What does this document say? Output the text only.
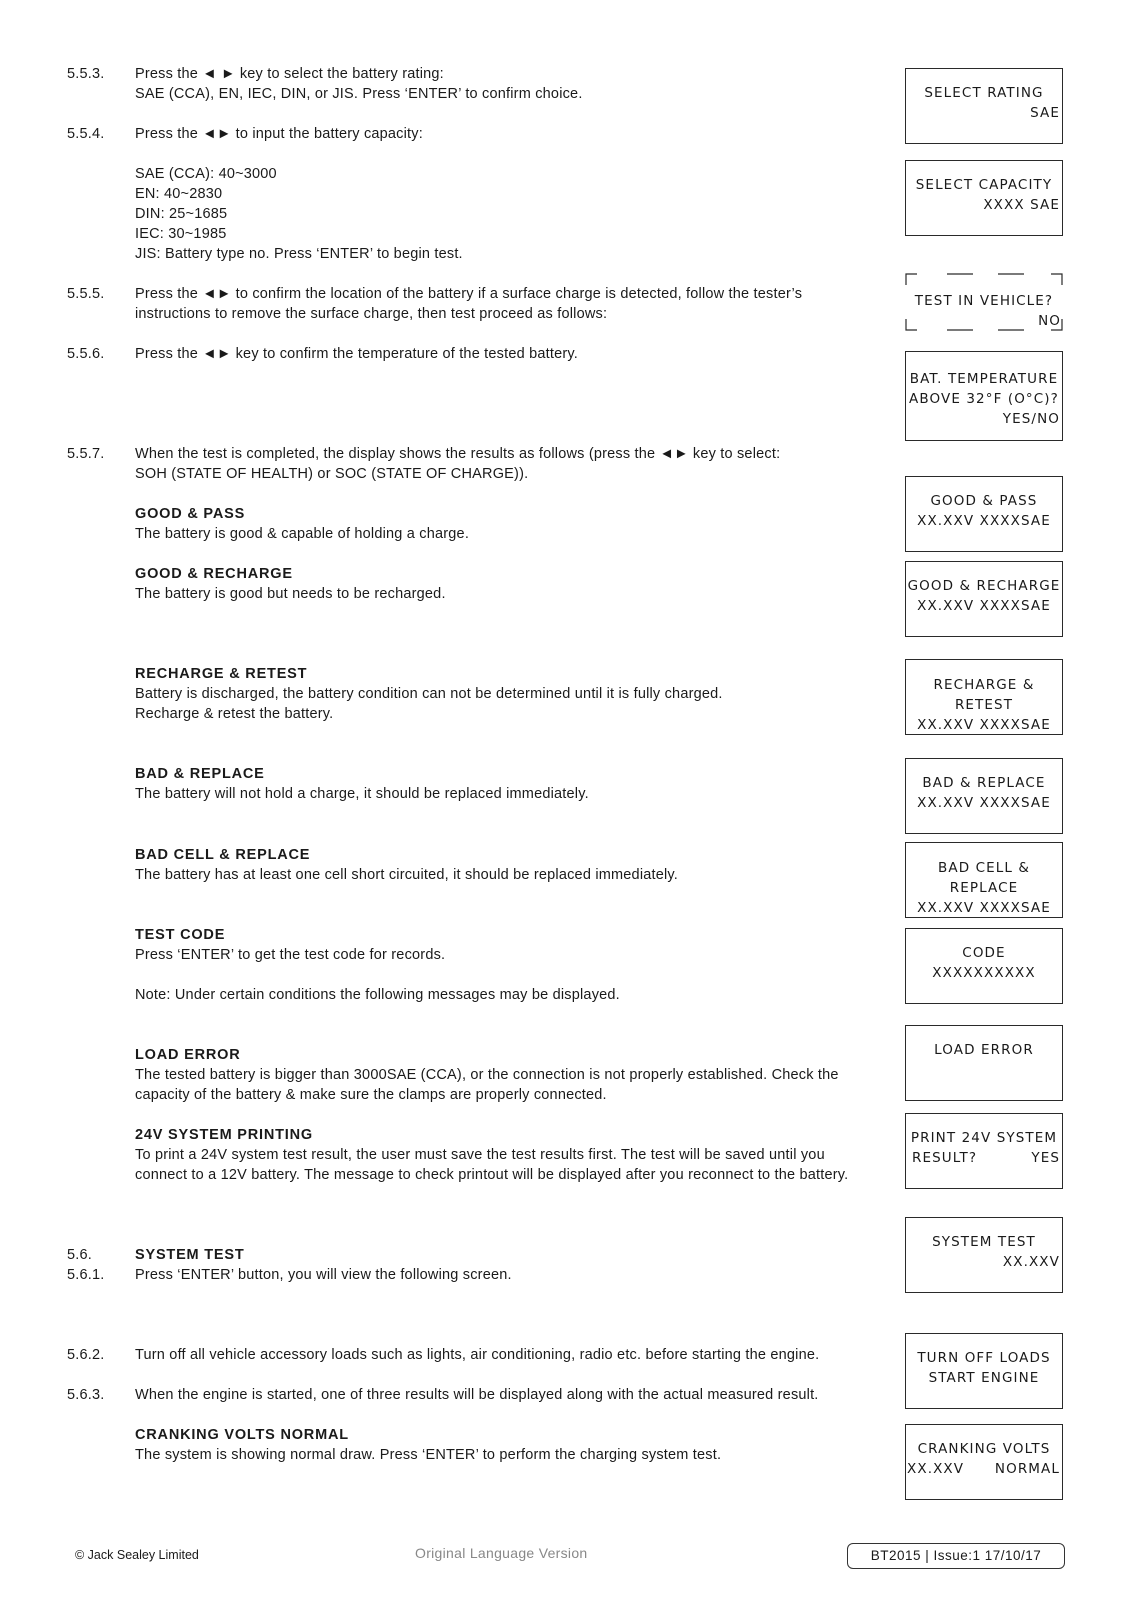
5.5.3. Press the ◄ ► key to select the battery rating:
SAE (CCA), EN, IEC, DIN, or JIS. Press ‘ENTER’ to confirm choice.
5.5.4. Press the ◄► to input the battery capacity:
SAE (CCA): 40~3000
EN: 40~2830
DIN: 25~1685
IEC: 30~1985
JIS: Battery type no. Press ‘ENTER’ to begin test.
5.5.5. Press the ◄► to confirm the location of the battery if a surface charge is detected, follow the tester’s
instructions to remove the surface charge, then test proceed as follows:
5.5.6. Press the ◄► key to confirm the temperature of the tested battery.
5.5.7. When the test is completed, the display shows the results as follows (press the ◄► key to select:
SOH (STATE OF HEALTH) or SOC (STATE OF CHARGE)).
GOOD & PASS
The battery is good & capable of holding a charge.
GOOD & RECHARGE
The battery is good but needs to be recharged.
RECHARGE & RETEST
Battery is discharged, the battery condition can not be determined until it is fully charged.
Recharge & retest the battery.
BAD & REPLACE
The battery will not hold a charge, it should be replaced immediately.
BAD CELL & REPLACE
The battery has at least one cell short circuited, it should be replaced immediately.
TEST CODE
Press ‘ENTER’ to get the test code for records.

Note: Under certain conditions the following messages may be displayed.
LOAD ERROR
The tested battery is bigger than 3000SAE (CCA), or the connection is not properly established. Check the
capacity of the battery & make sure the clamps are properly connected.
24V SYSTEM PRINTING
To print a 24V system test result, the user must save the test results first. The test will be saved until you
connect to a 12V battery. The message to check printout will be displayed after you reconnect to the battery.
5.6.	SYSTEM TEST
5.6.1. Press ‘ENTER’ button, you will view the following screen.
5.6.2. Turn off all vehicle accessory loads such as lights, air conditioning, radio etc. before starting the engine.
5.6.3. When the engine is started, one of three results will be displayed along with the actual measured result.
CRANKING VOLTS NORMAL
The system is showing normal draw. Press ‘ENTER’ to perform the charging system test.
SELECT RATING
SAE
SELECT CAPACITY
XXXX SAE
TEST IN VEHICLE?
NO
BAT. TEMPERATURE
ABOVE 32°F (O°C)?
YES/NO
GOOD & PASS
XX.XXV XXXXSAE
GOOD & RECHARGE
XX.XXV XXXXSAE
RECHARGE &
RETEST
XX.XXV XXXXSAE
BAD & REPLACE
XX.XXV XXXXSAE
BAD CELL &
REPLACE
XX.XXV XXXXSAE
CODE
XXXXXXXXXX
LOAD ERROR
PRINT 24V SYSTEM
RESULT?	YES
SYSTEM TEST
XX.XXV
TURN OFF LOADS
START ENGINE
CRANKING VOLTS
XX.XXV NORMAL
© Jack Sealey Limited	Original Language Version	BT2015 | Issue:1 17/10/17
